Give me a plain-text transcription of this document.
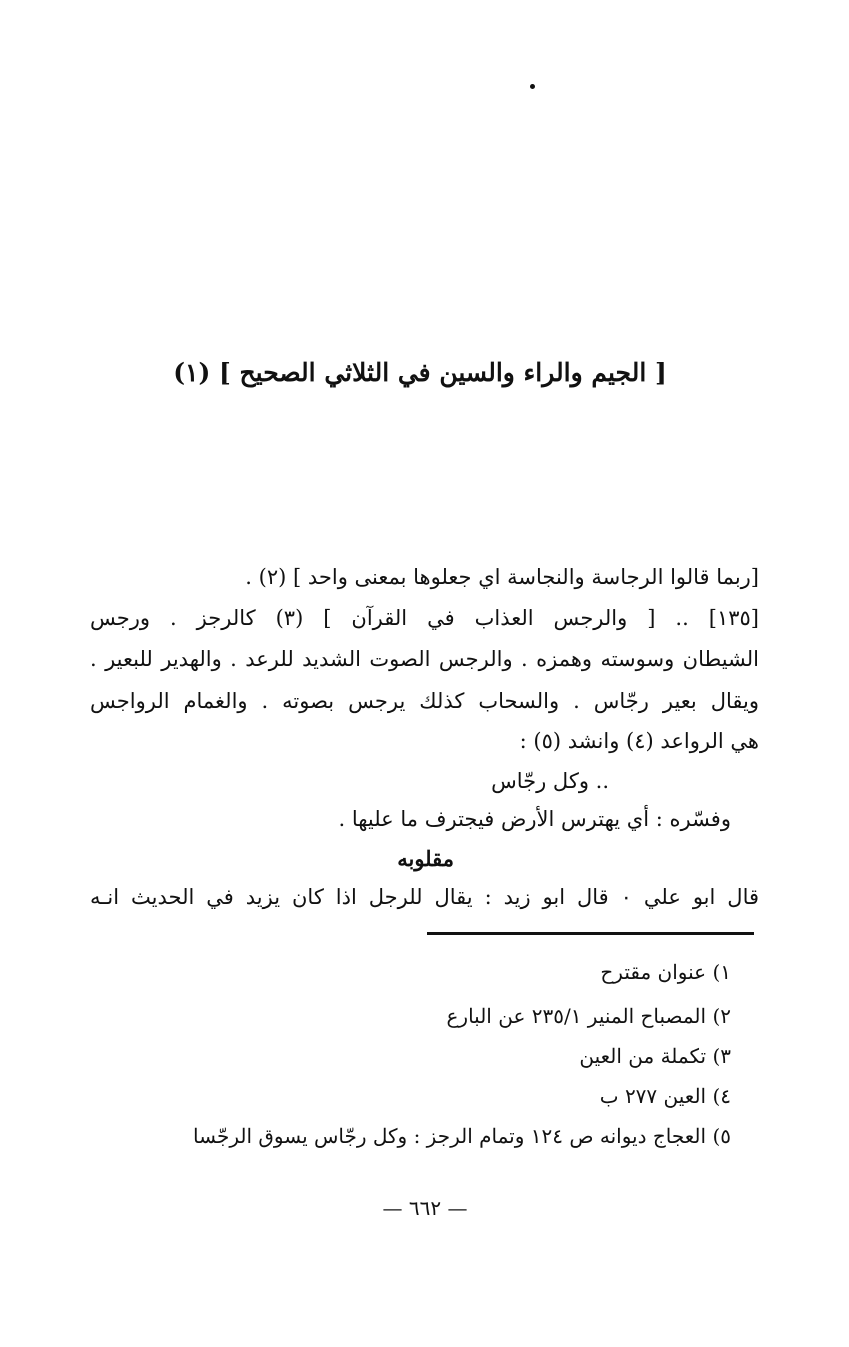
[ الجيم والراء والسين في الثلاثي الصحيح ] (١)
[ربما قالوا الرجاسة والنجاسة اي جعلوها بمعنى واحد ] (٢) .
[١٣٥] .. [ والرجس العذاب في القرآن ] (٣) كالرجز . ورجس
الشيطان وسوسته وهمزه . والرجس الصوت الشديد للرعد . والهدير للبعير .
ويقال بعير رجّاس . والسحاب كذلك يرجس بصوته . والغمام الرواجس
هي الرواعد (٤) وانشد (٥) :
.. وكل رجّاس
وفسّره : أي يهترس الأرض فيجترف ما عليها .
مقلوبه
قال ابو علي ٠ قال ابو زيد : يقال للرجل اذا كان يزيد في الحديث انـه
١) عنوان مقترح
٢) المصباح المنير ٢٣٥/١ عن البارع
٣) تكملة من العين
٤) العين ٢٧٧ ب
٥) العجاج ديوانه ص ١٢٤ وتمام الرجز : وكل رجّاس يسوق الرجّسا
— ٦٦٢ —
